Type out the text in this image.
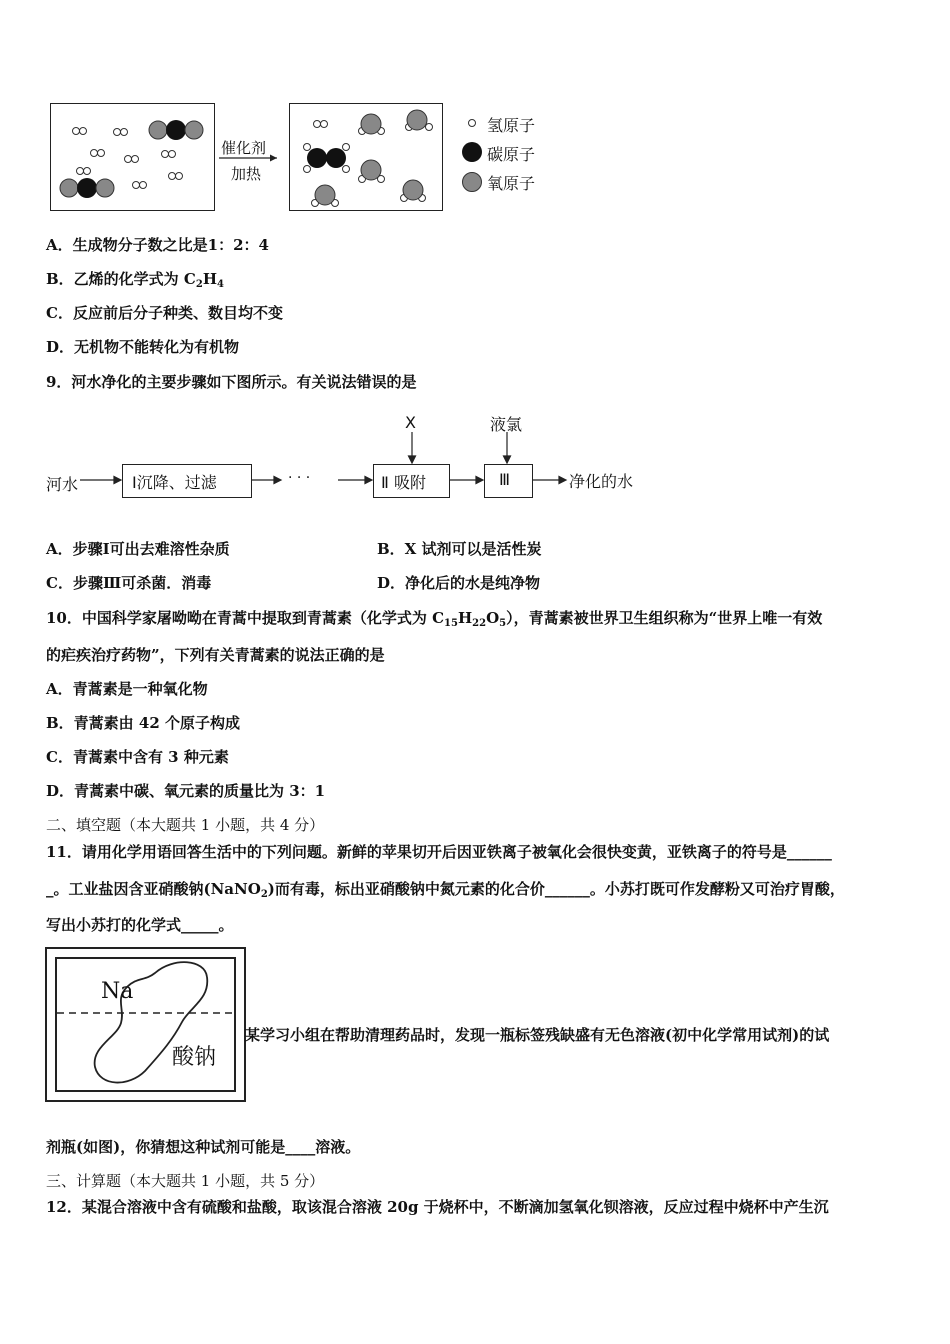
催化剂
加热
氢原子
碳原子
氧原子
A．生成物分子数之比是1：2：4
B．乙烯的化学式为 $C_2H_4$
C．反应前后分子种类、数目均不变
D．无机物不能转化为有机物
9．河水净化的主要步骤如下图所示。有关说法错误的是
河水	Ⅰ沉降、过滤	· · ·	Ⅱ 吸附	Ⅲ	净化的水
X	液氯
A．步骤Ⅰ可出去难溶性杂质	B．X 试剂可以是活性炭
C．步骤Ⅲ可杀菌．消毒	D．净化后的水是纯净物
10．中国科学家屠呦呦在青蒿中提取到青蒿素（化学式为 $C_{15}H_{22}O_5$），青蒿素被世界卫生组织称为“世界上唯一有效
的疟疾治疗药物”，下列有关青蒿素的说法正确的是
A．青蒿素是一种氧化物
B．青蒿素由 42 个原子构成
C．青蒿素中含有 3 种元素
D．青蒿素中碳、氧元素的质量比为 3：1
二、填空题（本大题共 1 小题，共 4 分）
11．请用化学用语回答生活中的下列问题。新鲜的苹果切开后因亚铁离子被氧化会很快变黄，亚铁离子的符号是______
_。工业盐因含亚硝酸钠(NaNO$_2$)而有毒，标出亚硝酸钠中氮元素的化合价______。小苏打既可作发酵粉又可治疗胃酸，
写出小苏打的化学式_____。
Na
酸钠
某学习小组在帮助清理药品时，发现一瓶标签残缺盛有无色溶液(初中化学常用试剂)的试
剂瓶(如图)，你猜想这种试剂可能是____溶液。
三、计算题（本大题共 1 小题，共 5 分）
12．某混合溶液中含有硫酸和盐酸，取该混合溶液 20g 于烧杯中，不断滴加氢氧化钡溶液，反应过程中烧杯中产生沉
